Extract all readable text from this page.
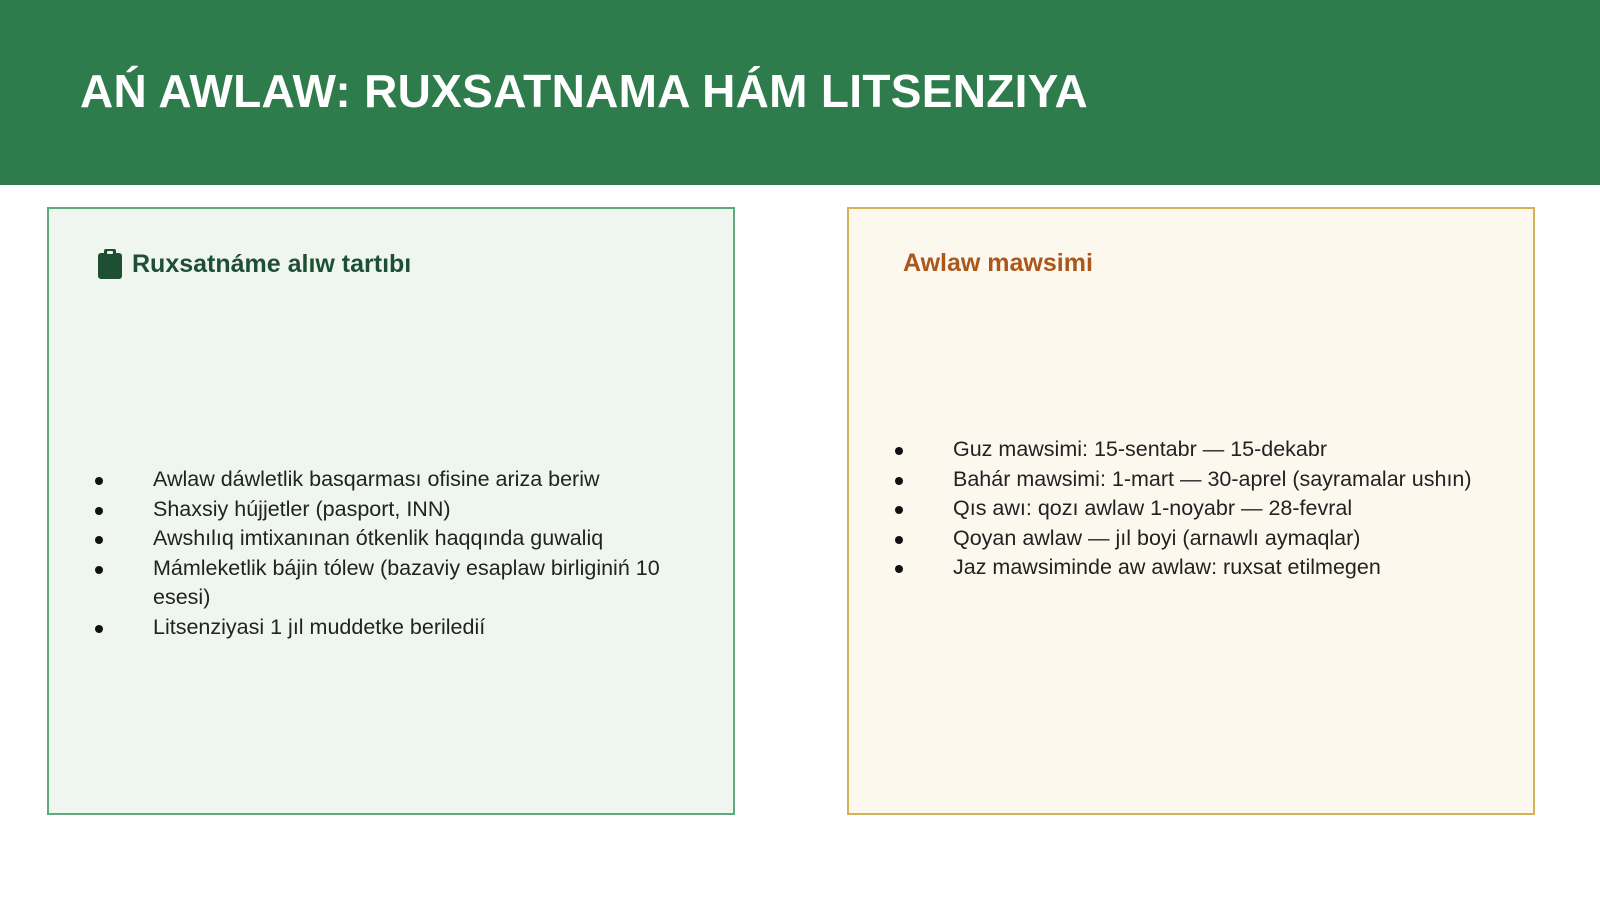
AŃ AWLAW: RUXSATNAMA HÁM LITSENZIYA
Ruxsatnáme alıw tartıbı
Awlaw dáwletlik basqarması ofisine ariza beriw
Shaxsiy hújjetler (pasport, INN)
Awshılıq imtixanınan ótkenlik haqqında guwaliq
Mámleketlik bájin tólew (bazaviy esaplaw birliginiń 10 esesi)
Litsenziyasi 1 jıl muddetke beriledií
Awlaw mawsimi
Guz mawsimi: 15-sentabr — 15-dekabr
Bahár mawsimi: 1-mart — 30-aprel (sayramalar ushın)
Qıs awı: qozı awlaw 1-noyabr — 28-fevral
Qoyan awlaw — jıl boyi (arnawlı aymaqlar)
Jaz mawsiminde aw awlaw: ruxsat etilmegen
